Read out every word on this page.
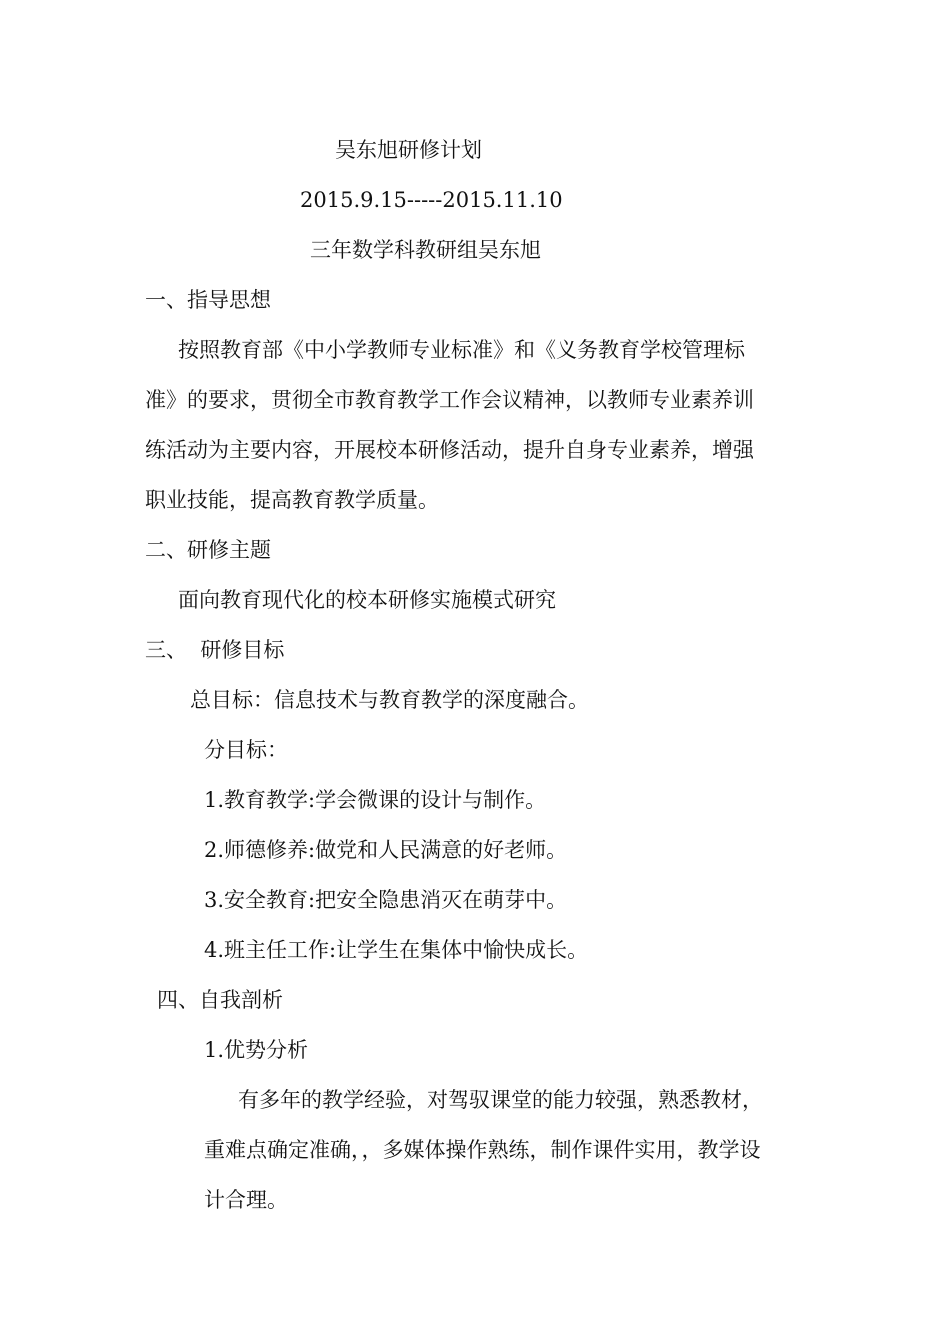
吴东旭研修计划
2015.9.15-----2015.11.10
三年数学科教研组吴东旭
一、指导思想
按照教育部《中小学教师专业标准》和《义务教育学校管理标
准》的要求，贯彻全市教育教学工作会议精神，以教师专业素养训
练活动为主要内容，开展校本研修活动，提升自身专业素养，增强
职业技能，提高教育教学质量。
二、研修主题
面向教育现代化的校本研修实施模式研究
三、  研修目标
总目标：信息技术与教育教学的深度融合。
分目标：
1.教育教学:学会微课的设计与制作。
2.师德修养:做党和人民满意的好老师。
3.安全教育:把安全隐患消灭在萌芽中。
4.班主任工作:让学生在集体中愉快成长。
四、自我剖析
1.优势分析
有多年的教学经验，对驾驭课堂的能力较强，熟悉教材，
重难点确定准确，，多媒体操作熟练，制作课件实用，教学设
计合理。
